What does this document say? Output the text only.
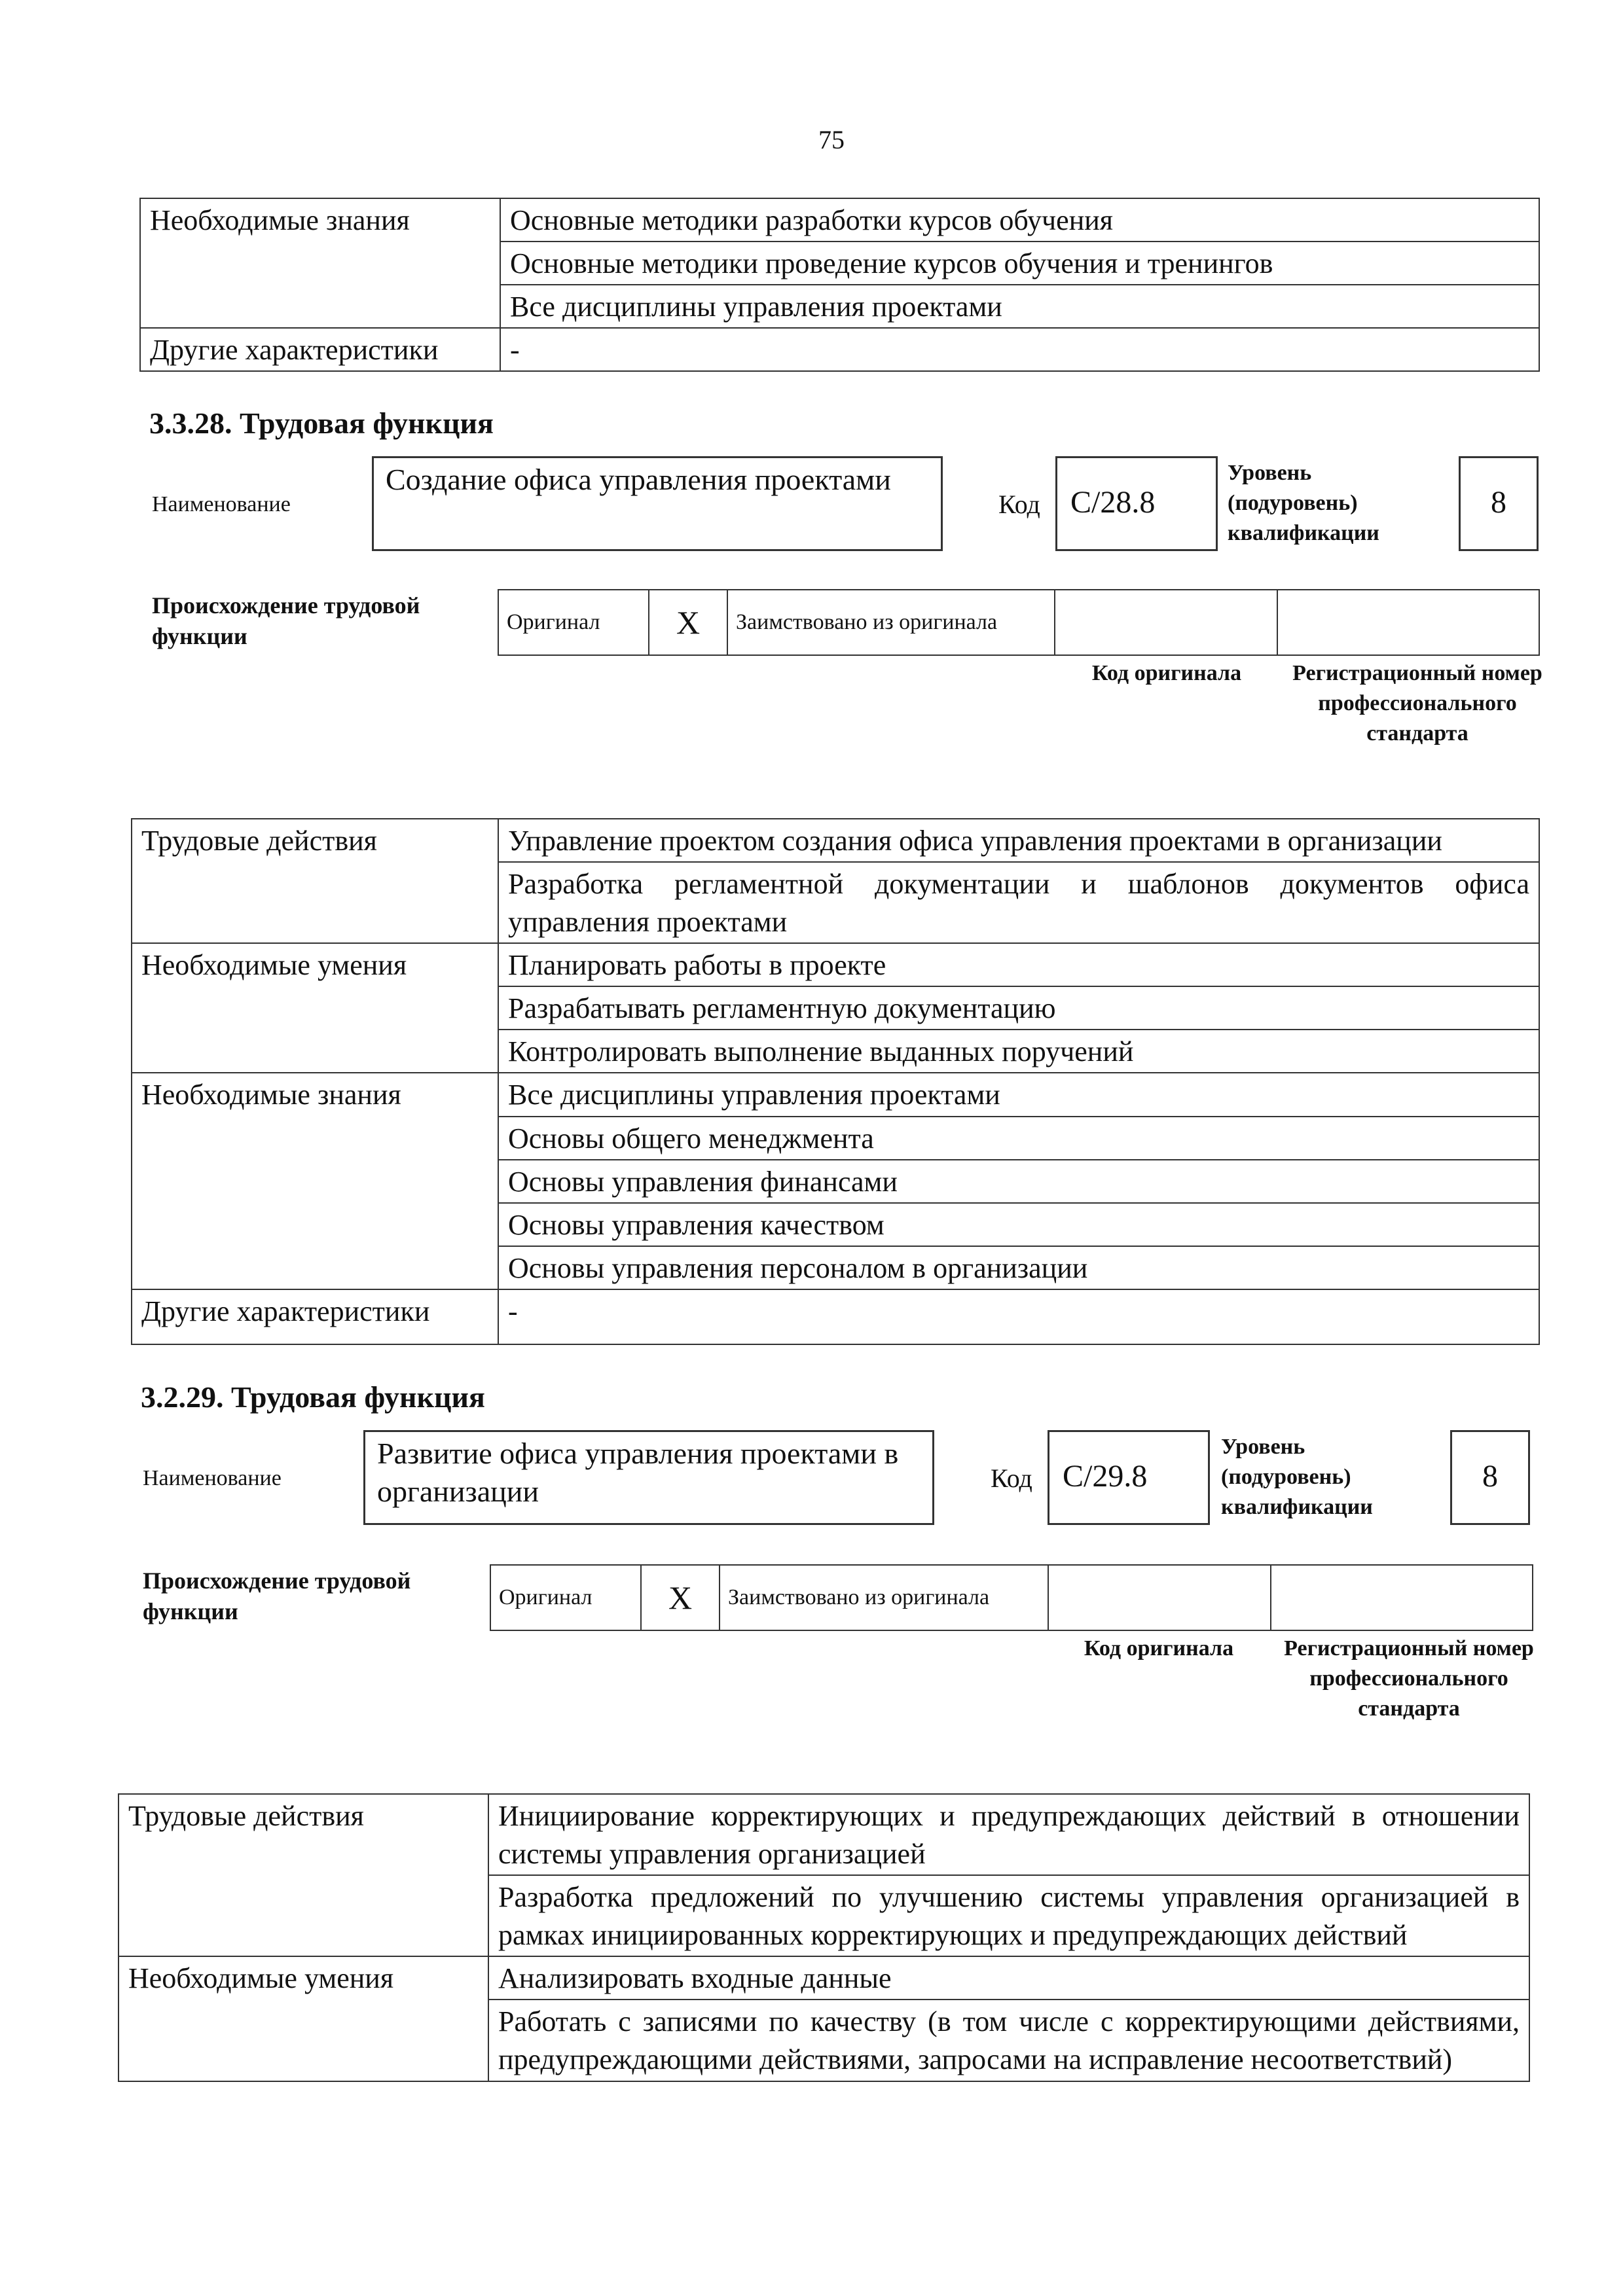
75
Необходимые знания	Основные методики разработки курсов обучения
	Основные методики проведение курсов обучения и тренингов
	Все дисциплины управления проектами
Другие характеристики	-
3.3.28. Трудовая функция
Наименование
Создание офиса управления проектами
Код С/28.8
Уровень (подуровень) квалификации
8
Происхождение трудовой функции
Оригинал	X	Заимствовано из оригинала		
Код оригинала	Регистрационный номер профессионального стандарта
Трудовые действия	Управление проектом создания офиса управления проектами в организации
	Разработка регламентной документации и шаблонов документов офиса управления проектами
Необходимые умения	Планировать работы в проекте
	Разрабатывать регламентную документацию
	Контролировать выполнение выданных поручений
Необходимые знания	Все дисциплины управления проектами
	Основы общего менеджмента
	Основы управления финансами
	Основы управления качеством
	Основы управления персоналом в организации
Другие характеристики	-
3.2.29. Трудовая функция
Наименование
Развитие офиса управления проектами в организации	Код С/29.8
Уровень (подуровень) квалификации
8
Происхождение трудовой функции
Оригинал	X	Заимствовано из оригинала		
Код оригинала	Регистрационный номер профессионального стандарта
Трудовые действия	Инициирование корректирующих и предупреждающих действий в отношении системы управления организацией
	Разработка предложений по улучшению системы управления организацией в рамках инициированных корректирующих и предупреждающих действий
Необходимые умения	Анализировать входные данные
	Работать с записями по качеству (в том числе с корректирующими действиями, предупреждающими действиями, запросами на исправление несоответствий)
